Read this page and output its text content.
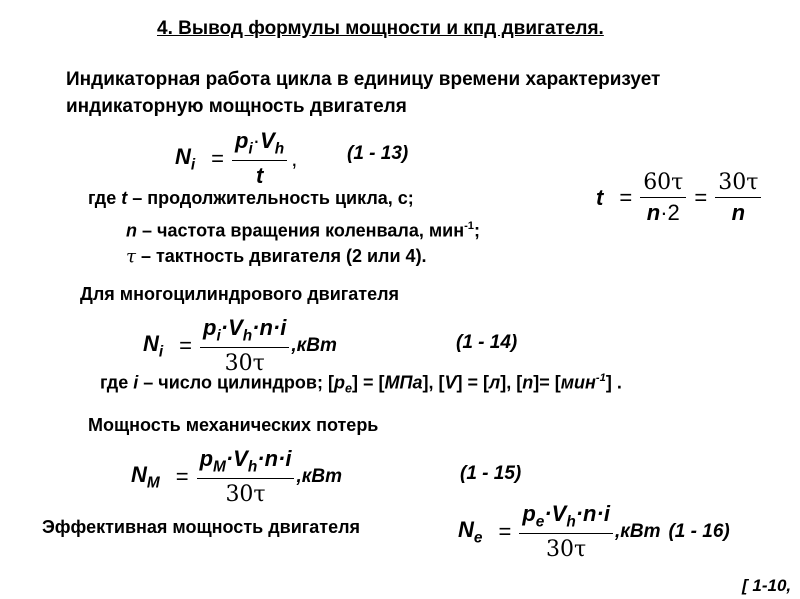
4. Вывод формулы мощности и кпд двигателя.
Индикаторная работа цикла в единицу времени характеризует
индикаторную мощность двигателя
$N_i = \frac{p_i\cdot V_h}{t}$ ,	(1 - 13)
где t – продолжительность цикла, с;
n – частота вращения коленвала, мин$^{-1}$;
τ – тактность двигателя (2 или 4).
$t = \frac{60\tau}{n\cdot 2} = \frac{30\tau}{n}$
Для многоцилиндрового двигателя
$N_i = \frac{p_i\cdot V_h\cdot n\cdot i}{30\tau} ,кВт$	(1 - 14)
где i – число цилиндров; $[p_e] = [МПа]$, [V] = [л], [n]= [мин$^{-1}$] .
Мощность механических потерь
$N_М = \frac{p_М\cdot V_h\cdot n\cdot i}{30\tau} ,кВт$	(1 - 15)
Эффективная мощность двигателя	$N_е = \frac{p_е\cdot V_h\cdot n\cdot i}{30\tau} ,кВт$ (1 - 16)
[ 1-10,
